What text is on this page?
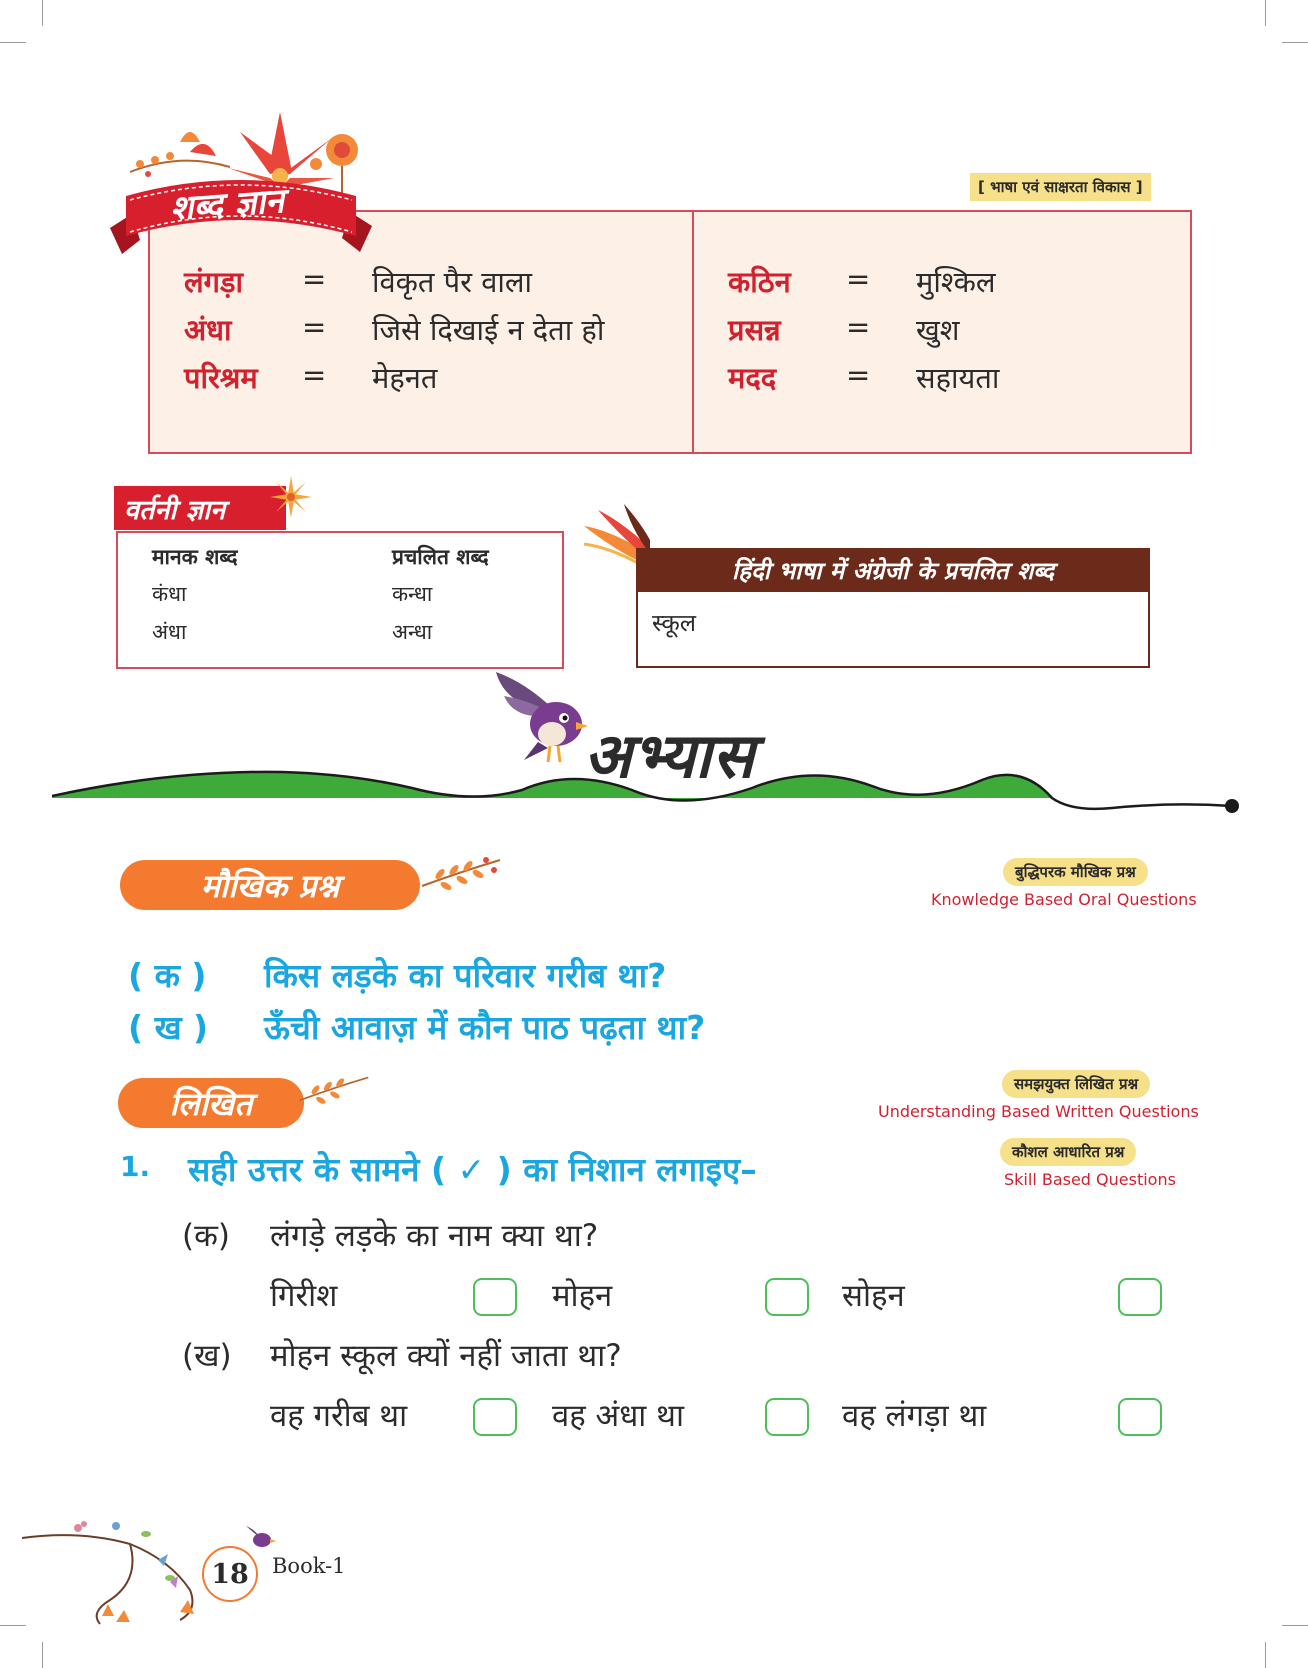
[ भाषा एवं साक्षरता विकास ]
शब्द ज्ञान
लंगड़ा = विकृत पैर वाला
अंधा = जिसे दिखाई न देता हो
परिश्रम = मेहनत
कठिन = मुश्किल
प्रसन्न = खुश
मदद = सहायता
वर्तनी ज्ञान
मानक शब्द	प्रचलित शब्द
कंधा	कन्धा
अंधा	अन्धा
हिंदी भाषा में अंग्रेजी के प्रचलित शब्द
स्कूल
अभ्यास
मौखिक प्रश्न	बुद्धिपरक मौखिक प्रश्न
Knowledge Based Oral Questions
( क ) किस लड़के का परिवार गरीब था?
( ख ) ऊँची आवाज़ में कौन पाठ पढ़ता था?
लिखित
समझयुक्त लिखित प्रश्न
Understanding Based Written Questions
कौशल आधारित प्रश्न
Skill Based Questions
1. सही उत्तर के सामने ( ✓ ) का निशान लगाइए–
(क) लंगड़े लड़के का नाम क्या था?
गिरीश	मोहन	सोहन
(ख) मोहन स्कूल क्यों नहीं जाता था?
वह गरीब था	वह अंधा था	वह लंगड़ा था
18	Book-1
